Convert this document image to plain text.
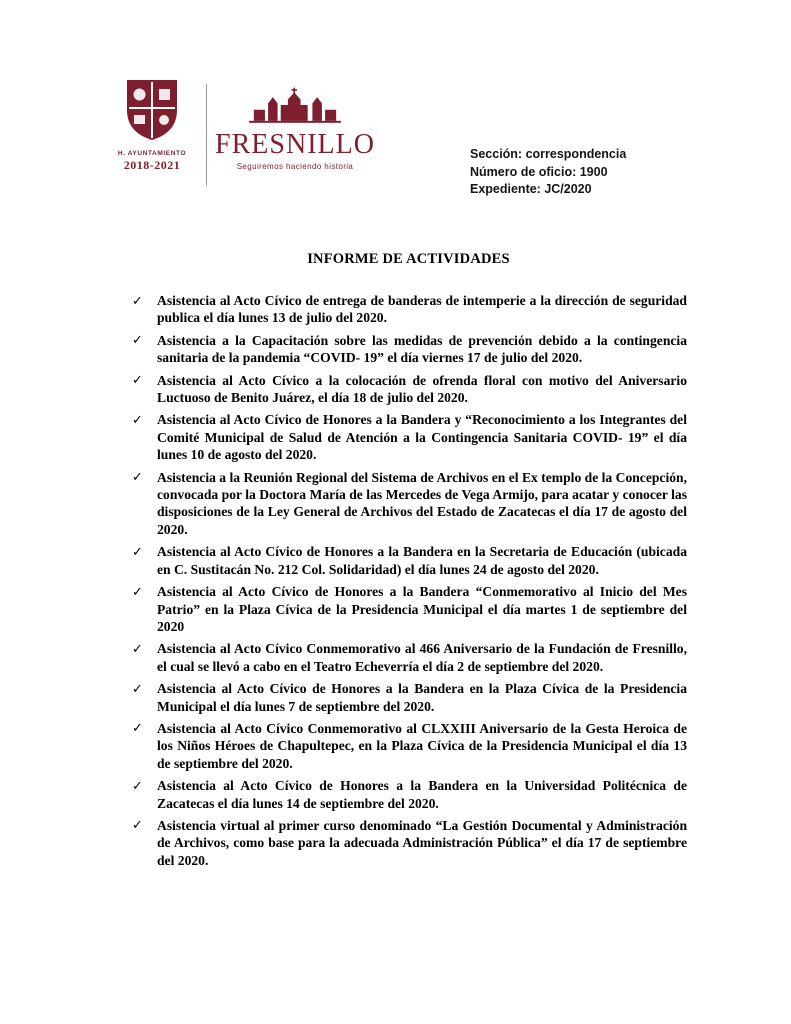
H. AYUNTAMIENTO
2018-2021
FRESNILLO
Seguiremos haciendo historia
Sección: correspondencia
Número de oficio: 1900
Expediente: JC/2020
INFORME DE ACTIVIDADES
✓ Asistencia al Acto Cívico de entrega de banderas de intemperie a la dirección de seguridad publica el día lunes 13 de julio del 2020.
✓ Asistencia a la Capacitación sobre las medidas de prevención debido a la contingencia sanitaria de la pandemia “COVID- 19” el día viernes 17 de julio del 2020.
✓ Asistencia al Acto Cívico a la colocación de ofrenda floral con motivo del Aniversario Luctuoso de Benito Juárez, el día 18 de julio del 2020.
✓ Asistencia al Acto Cívico de Honores a la Bandera y “Reconocimiento a los Integrantes del Comité Municipal de Salud de Atención a la Contingencia Sanitaria COVID- 19” el día lunes 10 de agosto del 2020.
✓ Asistencia a la Reunión Regional del Sistema de Archivos en el Ex templo de la Concepción, convocada por la Doctora María de las Mercedes de Vega Armijo, para acatar y conocer las disposiciones de la Ley General de Archivos del Estado de Zacatecas el día 17 de agosto del 2020.
✓ Asistencia al Acto Cívico de Honores a la Bandera en la Secretaria de Educación (ubicada en C. Sustitacán No. 212 Col. Solidaridad) el día lunes 24 de agosto del 2020.
✓ Asistencia al Acto Cívico de Honores a la Bandera “Conmemorativo al Inicio del Mes Patrio” en la Plaza Cívica de la Presidencia Municipal el día martes 1 de septiembre del 2020
✓ Asistencia al Acto Cívico Conmemorativo al 466 Aniversario de la Fundación de Fresnillo, el cual se llevó a cabo en el Teatro Echeverría el día 2 de septiembre del 2020.
✓ Asistencia al Acto Cívico de Honores a la Bandera en la Plaza Cívica de la Presidencia Municipal el día lunes 7 de septiembre del 2020.
✓ Asistencia al Acto Cívico Conmemorativo al CLXXIII Aniversario de la Gesta Heroica de los Niños Héroes de Chapultepec, en la Plaza Cívica de la Presidencia Municipal el día 13 de septiembre del 2020.
✓ Asistencia al Acto Cívico de Honores a la Bandera en la Universidad Politécnica de Zacatecas el día lunes 14 de septiembre del 2020.
✓ Asistencia virtual al primer curso denominado “La Gestión Documental y Administración de Archivos, como base para la adecuada Administración Pública” el día 17 de septiembre del 2020.
